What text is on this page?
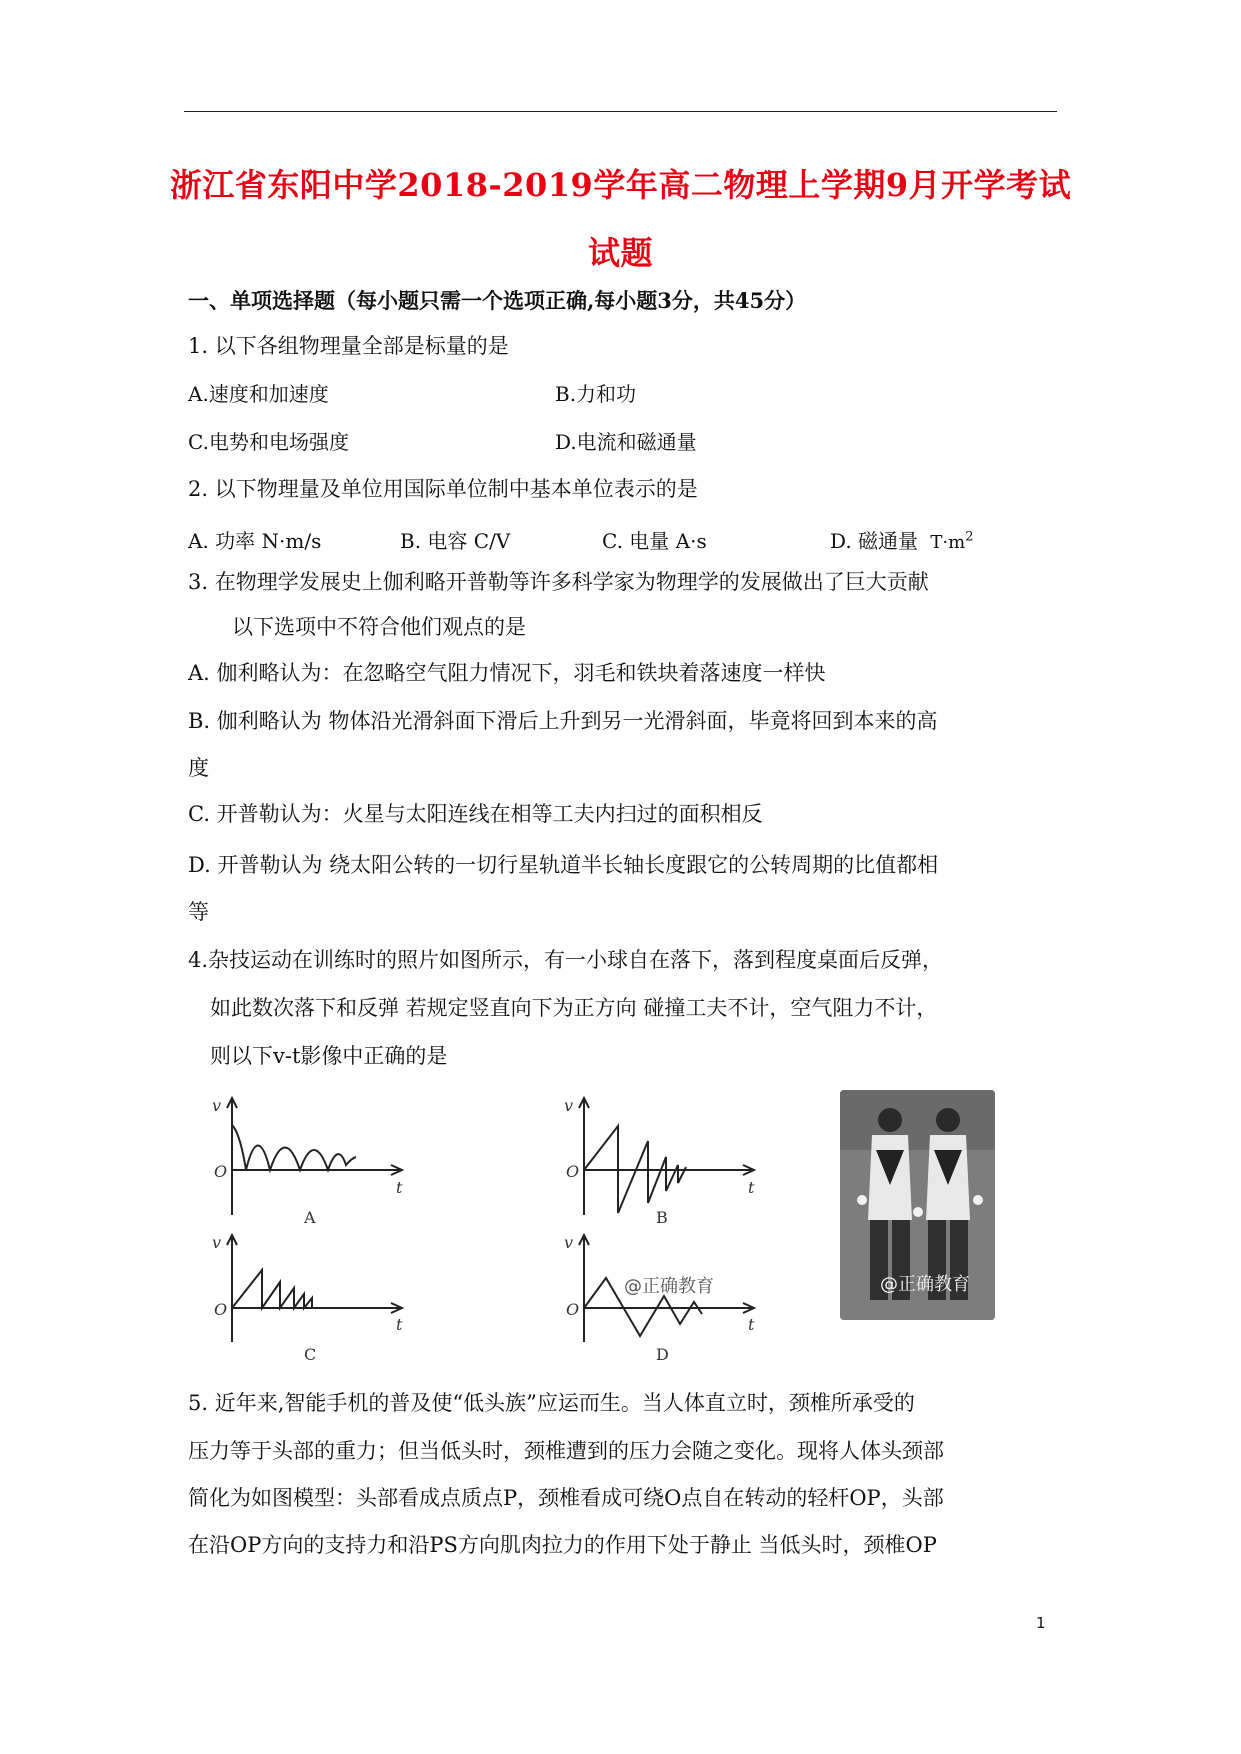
浙江省东阳中学2018-2019学年高二物理上学期9月开学考试
试题
一、单项选择题（每小题只需一个选项正确,每小题3分，共45分）
1. 以下各组物理量全部是标量的是
A.速度和加速度	B.力和功
C.电势和电场强度	D.电流和磁通量
2. 以下物理量及单位用国际单位制中基本单位表示的是
A. 功率 N·m/s	B. 电容 C/V	C. 电量 A·s	D. 磁通量 $T\cdot m^2$
3. 在物理学发展史上伽利略开普勒等许多科学家为物理学的发展做出了巨大贡献
以下选项中不符合他们观点的是
A. 伽利略认为：在忽略空气阻力情况下，羽毛和铁块着落速度一样快
B. 伽利略认为 物体沿光滑斜面下滑后上升到另一光滑斜面，毕竟将回到本来的高
度
C. 开普勒认为：火星与太阳连线在相等工夫内扫过的面积相反
D. 开普勒认为 绕太阳公转的一切行星轨道半长轴长度跟它的公转周期的比值都相
等
4.杂技运动在训练时的照片如图所示，有一小球自在落下，落到程度桌面后反弹，
如此数次落下和反弹 若规定竖直向下为正方向 碰撞工夫不计，空气阻力不计，
则以下v-t影像中正确的是
v
O
t
A
v
O
t
B
v
O
t
C
v
O
t
@正确教育
D
@正确教育
5. 近年来,智能手机的普及使“低头族”应运而生。当人体直立时，颈椎所承受的
压力等于头部的重力；但当低头时，颈椎遭到的压力会随之变化。现将人体头颈部
简化为如图模型：头部看成点质点P，颈椎看成可绕O点自在转动的轻杆OP，头部
在沿OP方向的支持力和沿PS方向肌肉拉力的作用下处于静止 当低头时，颈椎OP
1
